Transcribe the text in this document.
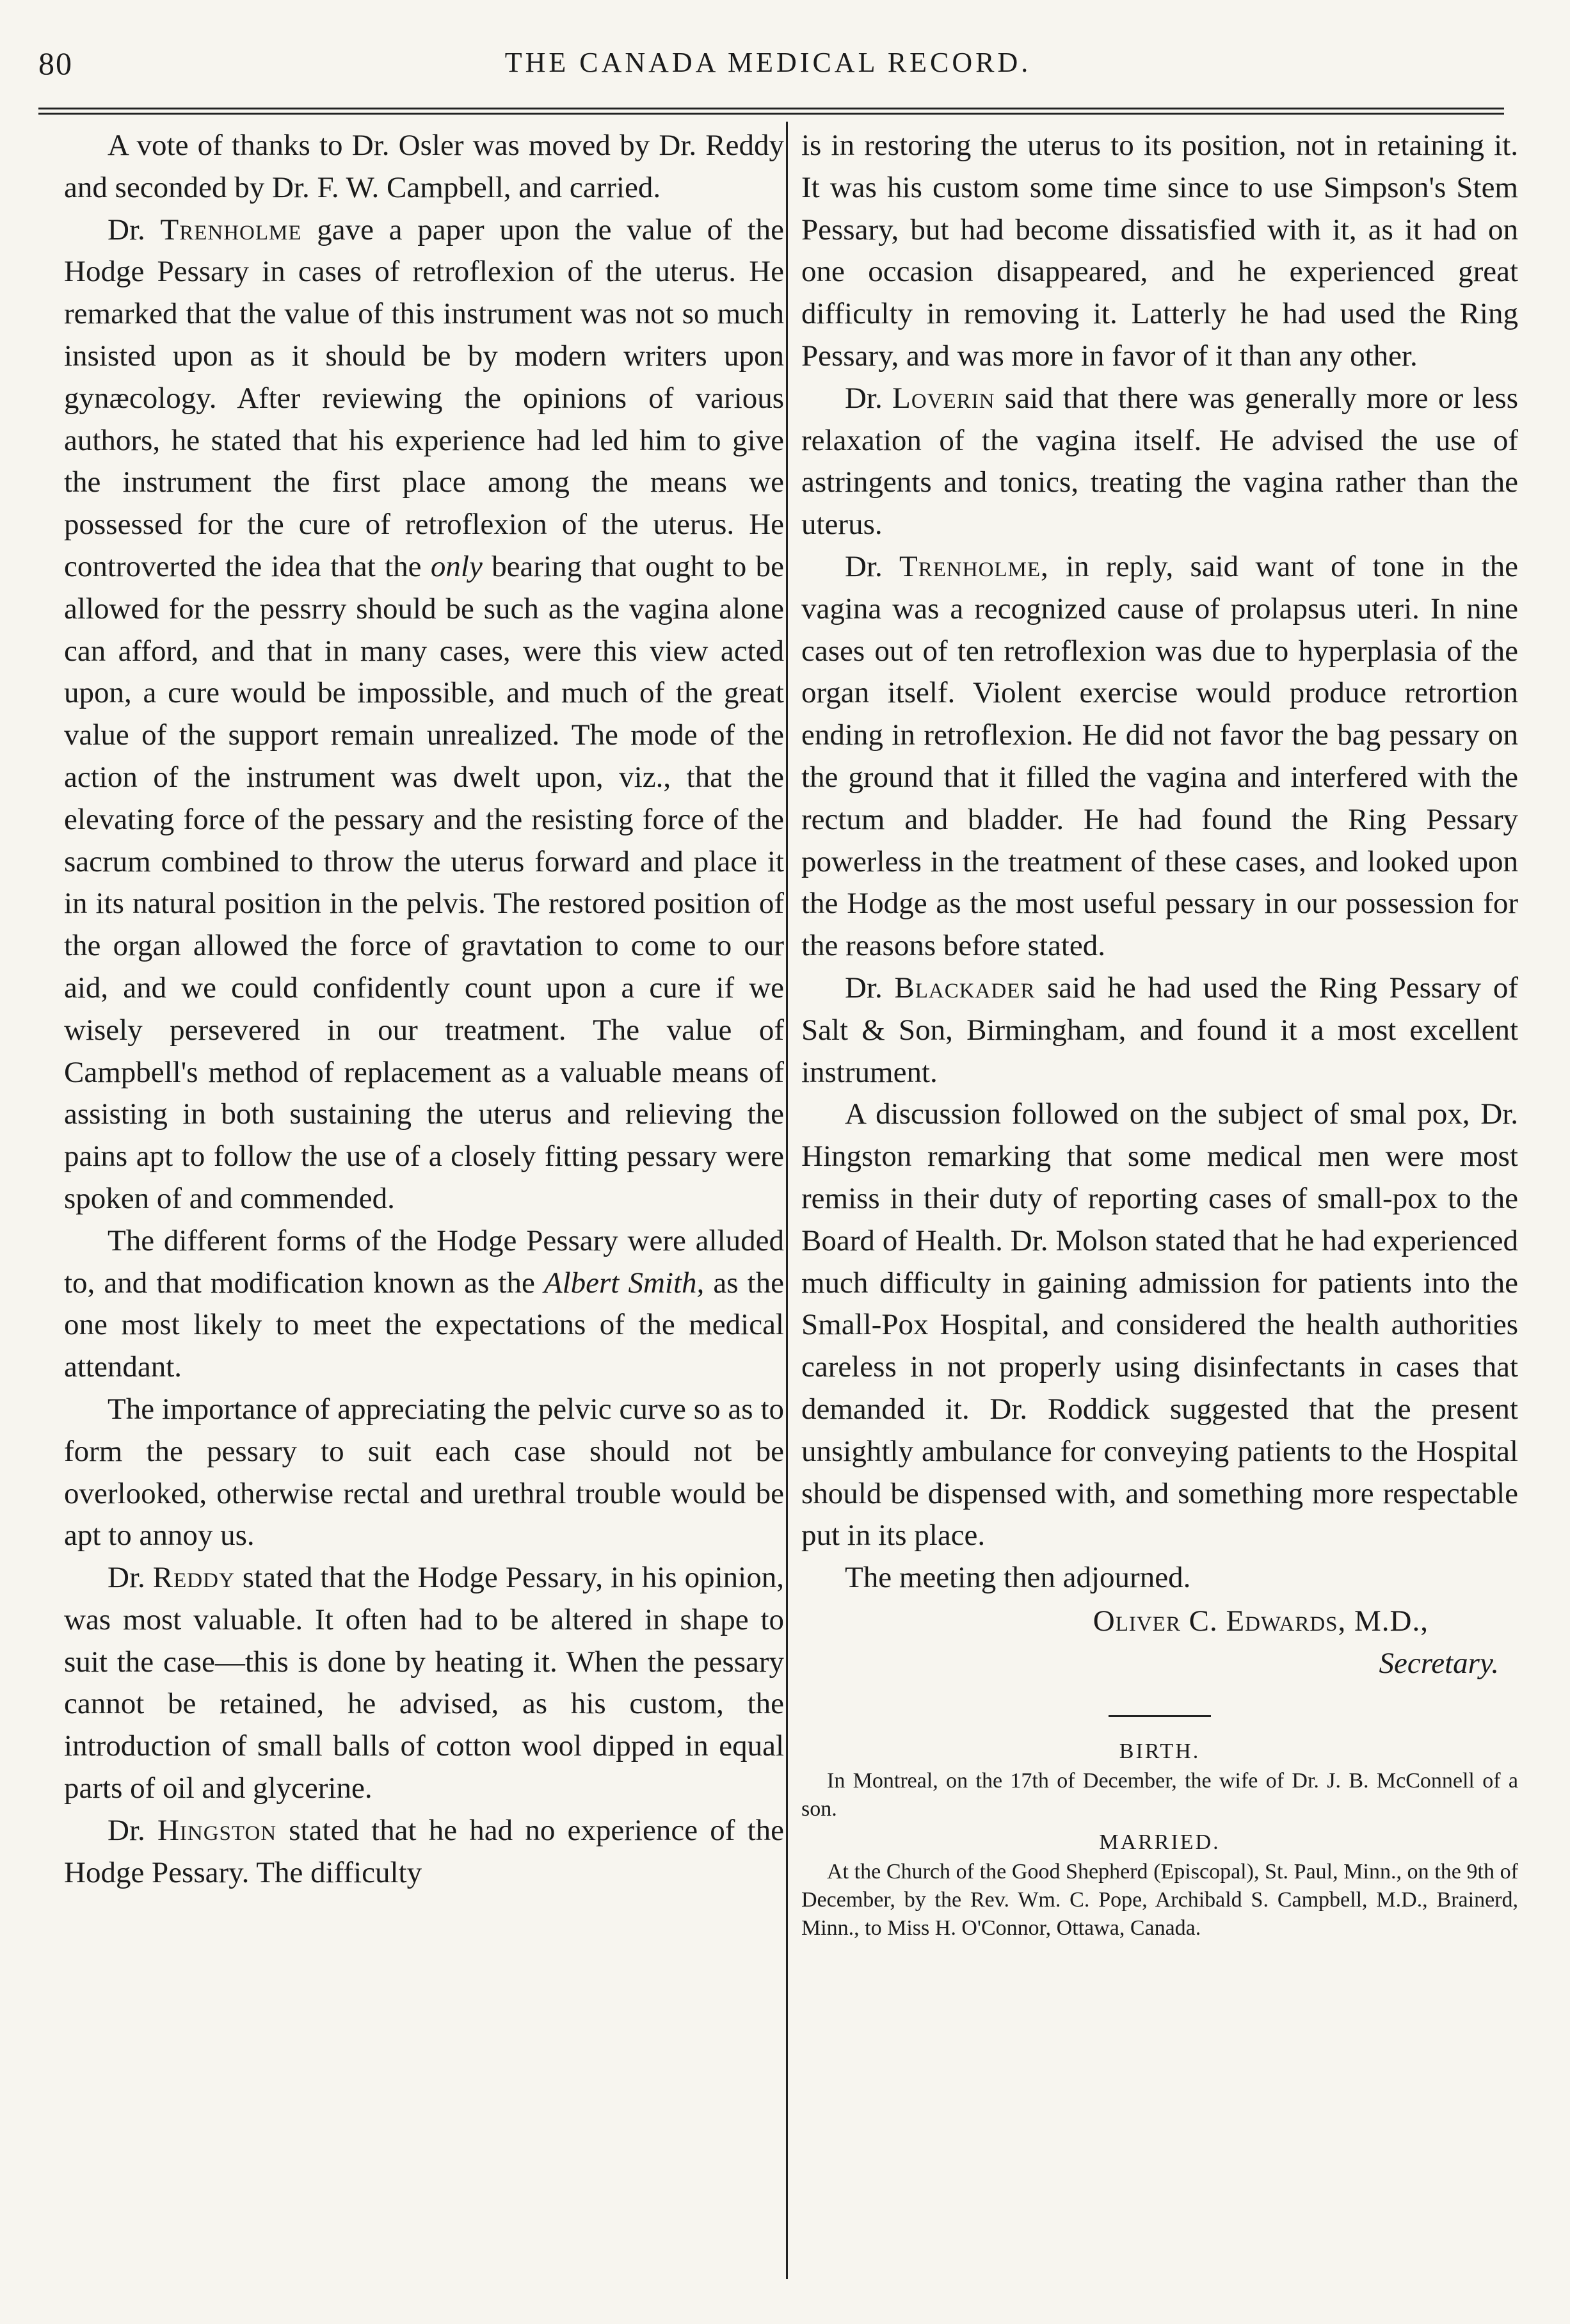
80	THE CANADA MEDICAL RECORD.

A vote of thanks to Dr. Osler was moved by Dr. Reddy and seconded by Dr. F. W. Campbell, and carried.

Dr. Trenholme gave a paper upon the value of the Hodge Pessary in cases of retroflexion of the uterus. He remarked that the value of this instrument was not so much insisted upon as it should be by modern writers upon gynæcology. After reviewing the opinions of various authors, he stated that his experience had led him to give the instrument the first place among the means we possessed for the cure of retroflexion of the uterus. He controverted the idea that the only bearing that ought to be allowed for the pessrry should be such as the vagina alone can afford, and that in many cases, were this view acted upon, a cure would be impossible, and much of the great value of the support remain unrealized. The mode of the action of the instrument was dwelt upon, viz., that the elevating force of the pessary and the resisting force of the sacrum combined to throw the uterus forward and place it in its natural position in the pelvis. The restored position of the organ allowed the force of gravtation to come to our aid, and we could confidently count upon a cure if we wisely persevered in our treatment. The value of Campbell's method of replacement as a valuable means of assisting in both sustaining the uterus and relieving the pains apt to follow the use of a closely fitting pessary were spoken of and commended.

The different forms of the Hodge Pessary were alluded to, and that modification known as the Albert Smith, as the one most likely to meet the expectations of the medical attendant.

The importance of appreciating the pelvic curve so as to form the pessary to suit each case should not be overlooked, otherwise rectal and urethral trouble would be apt to annoy us.

Dr. Reddy stated that the Hodge Pessary, in his opinion, was most valuable. It often had to be altered in shape to suit the case—this is done by heating it. When the pessary cannot be retained, he advised, as his custom, the introduction of small balls of cotton wool dipped in equal parts of oil and glycerine.

Dr. Hingston stated that he had no experience of the Hodge Pessary. The difficulty

is in restoring the uterus to its position, not in retaining it. It was his custom some time since to use Simpson's Stem Pessary, but had become dissatisfied with it, as it had on one occasion disappeared, and he experienced great difficulty in removing it. Latterly he had used the Ring Pessary, and was more in favor of it than any other.

Dr. Loverin said that there was generally more or less relaxation of the vagina itself. He advised the use of astringents and tonics, treating the vagina rather than the uterus.

Dr. Trenholme, in reply, said want of tone in the vagina was a recognized cause of prolapsus uteri. In nine cases out of ten retroflexion was due to hyperplasia of the organ itself. Violent exercise would produce retrortion ending in retroflexion. He did not favor the bag pessary on the ground that it filled the vagina and interfered with the rectum and bladder. He had found the Ring Pessary powerless in the treatment of these cases, and looked upon the Hodge as the most useful pessary in our possession for the reasons before stated.

Dr. Blackader said he had used the Ring Pessary of Salt & Son, Birmingham, and found it a most excellent instrument.

A discussion followed on the subject of smal pox, Dr. Hingston remarking that some medical men were most remiss in their duty of reporting cases of small-pox to the Board of Health. Dr. Molson stated that he had experienced much difficulty in gaining admission for patients into the Small-Pox Hospital, and considered the health authorities careless in not properly using disinfectants in cases that demanded it. Dr. Roddick suggested that the present unsightly ambulance for conveying patients to the Hospital should be dispensed with, and something more respectable put in its place.

The meeting then adjourned.

Oliver C. Edwards, M.D.,
Secretary.
BIRTH.

In Montreal, on the 17th of December, the wife of Dr. J. B. McConnell of a son.

MARRIED.

At the Church of the Good Shepherd (Episcopal), St. Paul, Minn., on the 9th of December, by the Rev. Wm. C. Pope, Archibald S. Campbell, M.D., Brainerd, Minn., to Miss H. O'Connor, Ottawa, Canada.
